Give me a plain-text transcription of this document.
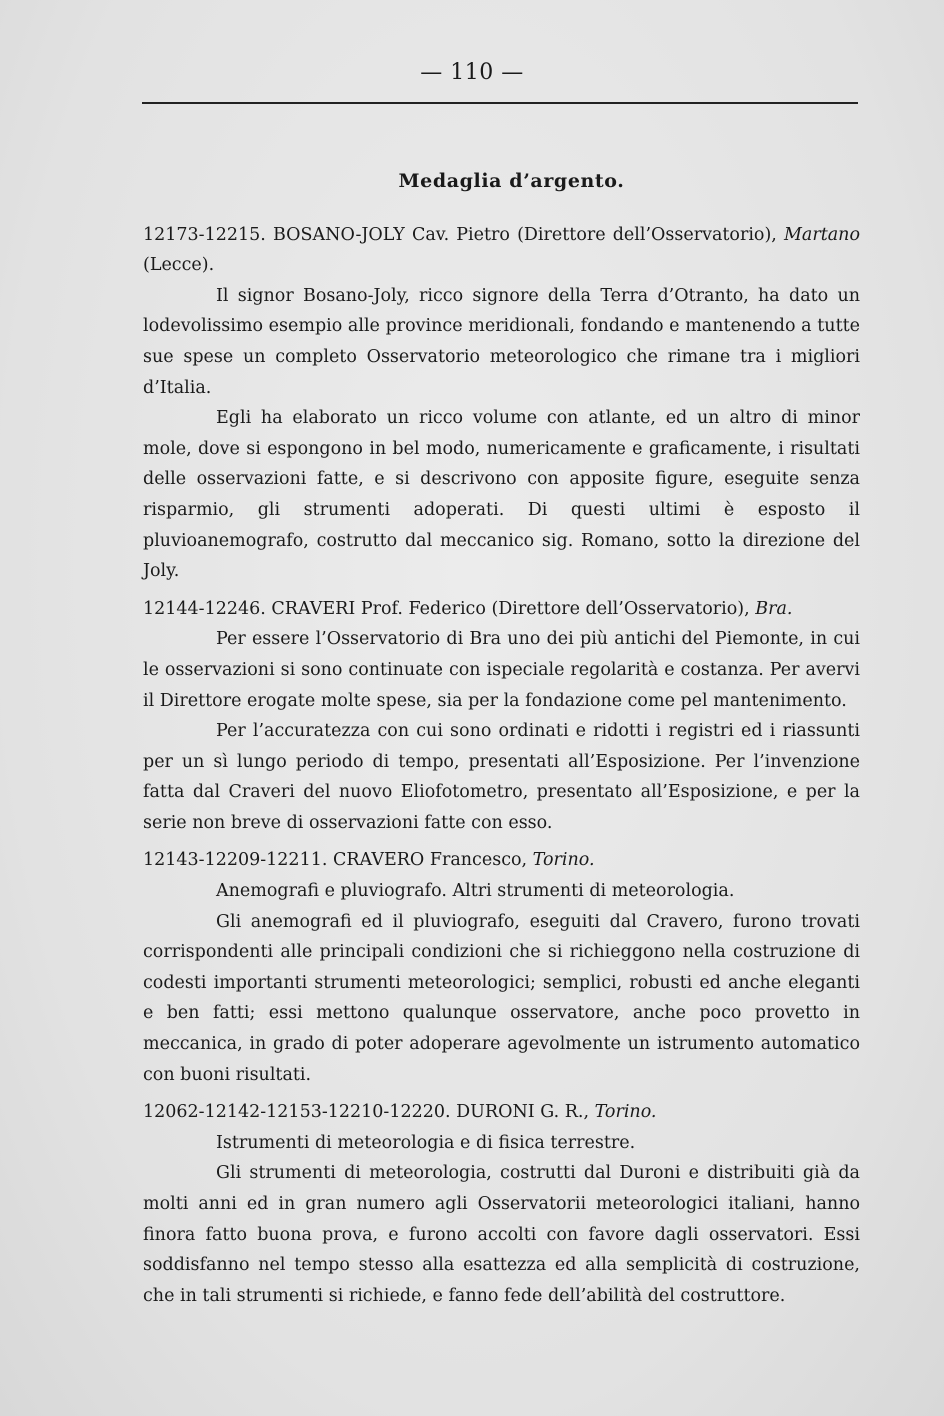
— 110 —
Medaglia d’argento.

12173-12215. BOSANO-JOLY Cav. Pietro (Direttore dell’Osservatorio), Martano (Lecce).

Il signor Bosano-Joly, ricco signore della Terra d’Otranto, ha dato un lodevolissimo esempio alle province meridionali, fondando e mantenendo a tutte sue spese un completo Osservatorio meteorologico che rimane tra i migliori d’Italia.

Egli ha elaborato un ricco volume con atlante, ed un altro di minor mole, dove si espongono in bel modo, numericamente e graficamente, i risultati delle osservazioni fatte, e si descrivono con apposite figure, eseguite senza risparmio, gli strumenti adoperati. Di questi ultimi è esposto il pluvioanemografo, costrutto dal meccanico sig. Romano, sotto la direzione del Joly.

12144-12246. CRAVERI Prof. Federico (Direttore dell’Osservatorio), Bra.

Per essere l’Osservatorio di Bra uno dei più antichi del Piemonte, in cui le osservazioni si sono continuate con ispeciale regolarità e costanza. Per avervi il Direttore erogate molte spese, sia per la fondazione come pel mantenimento.

Per l’accuratezza con cui sono ordinati e ridotti i registri ed i riassunti per un sì lungo periodo di tempo, presentati all’Esposizione. Per l’invenzione fatta dal Craveri del nuovo Eliofotometro, presentato all’Esposizione, e per la serie non breve di osservazioni fatte con esso.

12143-12209-12211. CRAVERO Francesco, Torino.

Anemografi e pluviografo. Altri strumenti di meteorologia.

Gli anemografi ed il pluviografo, eseguiti dal Cravero, furono trovati corrispondenti alle principali condizioni che si richieggono nella costruzione di codesti importanti strumenti meteorologici; semplici, robusti ed anche eleganti e ben fatti; essi mettono qualunque osservatore, anche poco provetto in meccanica, in grado di poter adoperare agevolmente un istrumento automatico con buoni risultati.

12062-12142-12153-12210-12220. DURONI G. R., Torino.

Istrumenti di meteorologia e di fisica terrestre.

Gli strumenti di meteorologia, costrutti dal Duroni e distribuiti già da molti anni ed in gran numero agli Osservatorii meteorologici italiani, hanno finora fatto buona prova, e furono accolti con favore dagli osservatori. Essi soddisfanno nel tempo stesso alla esattezza ed alla semplicità di costruzione, che in tali strumenti si richiede, e fanno fede dell’abilità del costruttore.
